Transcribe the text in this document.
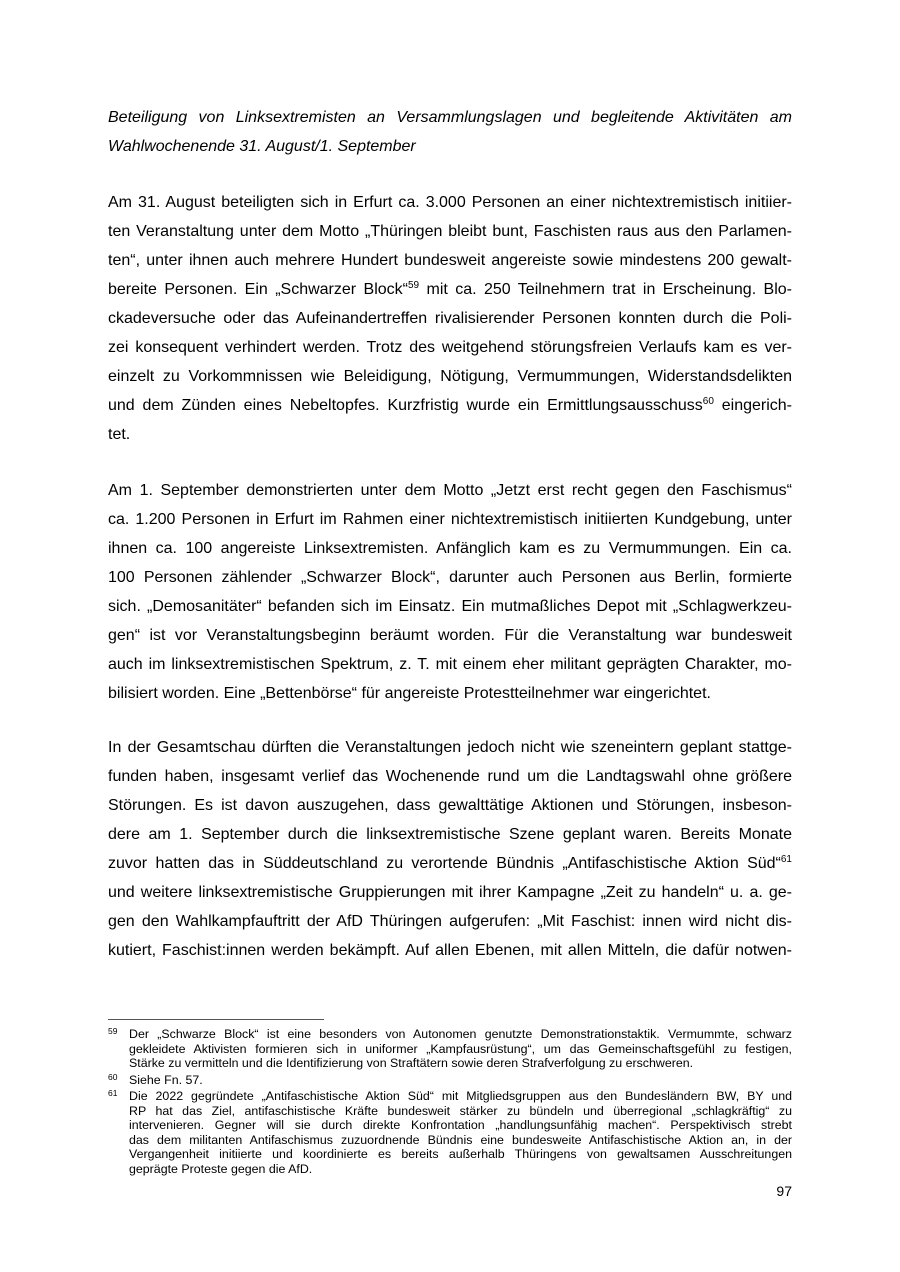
Beteiligung von Linksextremisten an Versammlungslagen und begleitende Aktivitäten am
Wahlwochenende 31. August/1. September

Am 31. August beteiligten sich in Erfurt ca. 3.000 Personen an einer nichtextremistisch initiier-
ten Veranstaltung unter dem Motto „Thüringen bleibt bunt, Faschisten raus aus den Parlamen-
ten“, unter ihnen auch mehrere Hundert bundesweit angereiste sowie mindestens 200 gewalt-
bereite Personen. Ein „Schwarzer Block“$^{59}$ mit ca. 250 Teilnehmern trat in Erscheinung. Blo-
ckadeversuche oder das Aufeinandertreffen rivalisierender Personen konnten durch die Poli-
zei konsequent verhindert werden. Trotz des weitgehend störungsfreien Verlaufs kam es ver-
einzelt zu Vorkommnissen wie Beleidigung, Nötigung, Vermummungen, Widerstandsdelikten
und dem Zünden eines Nebeltopfes. Kurzfristig wurde ein Ermittlungsausschuss$^{60}$ eingerich-
tet.
Am 1. September demonstrierten unter dem Motto „Jetzt erst recht gegen den Faschismus“
ca. 1.200 Personen in Erfurt im Rahmen einer nichtextremistisch initiierten Kundgebung, unter
ihnen ca. 100 angereiste Linksextremisten. Anfänglich kam es zu Vermummungen. Ein ca.
100 Personen zählender „Schwarzer Block“, darunter auch Personen aus Berlin, formierte
sich. „Demosanitäter“ befanden sich im Einsatz. Ein mutmaßliches Depot mit „Schlagwerkzeu-
gen“ ist vor Veranstaltungsbeginn beräumt worden. Für die Veranstaltung war bundesweit
auch im linksextremistischen Spektrum, z. T. mit einem eher militant geprägten Charakter, mo-
bilisiert worden. Eine „Bettenbörse“ für angereiste Protestteilnehmer war eingerichtet.
In der Gesamtschau dürften die Veranstaltungen jedoch nicht wie szeneintern geplant stattge-
funden haben, insgesamt verlief das Wochenende rund um die Landtagswahl ohne größere
Störungen. Es ist davon auszugehen, dass gewalttätige Aktionen und Störungen, insbeson-
dere am 1. September durch die linksextremistische Szene geplant waren. Bereits Monate
zuvor hatten das in Süddeutschland zu verortende Bündnis „Antifaschistische Aktion Süd“$^{61}$
und weitere linksextremistische Gruppierungen mit ihrer Kampagne „Zeit zu handeln“ u. a. ge-
gen den Wahlkampfauftritt der AfD Thüringen aufgerufen: „Mit Faschist: innen wird nicht dis-
kutiert, Faschist:innen werden bekämpft. Auf allen Ebenen, mit allen Mitteln, die dafür notwen-
59 Der „Schwarze Block“ ist eine besonders von Autonomen genutzte Demonstrationstaktik. Vermummte, schwarz
gekleidete Aktivisten formieren sich in uniformer „Kampfausrüstung“, um das Gemeinschaftsgefühl zu festigen,
Stärke zu vermitteln und die Identifizierung von Straftätern sowie deren Strafverfolgung zu erschweren.
60 Siehe Fn. 57.
61 Die 2022 gegründete „Antifaschistische Aktion Süd“ mit Mitgliedsgruppen aus den Bundesländern BW, BY und
RP hat das Ziel, antifaschistische Kräfte bundesweit stärker zu bündeln und überregional „schlagkräftig“ zu
intervenieren. Gegner will sie durch direkte Konfrontation „handlungsunfähig machen“. Perspektivisch strebt
das dem militanten Antifaschismus zuzuordnende Bündnis eine bundesweite Antifaschistische Aktion an, in der
Vergangenheit initiierte und koordinierte es bereits außerhalb Thüringens von gewaltsamen Ausschreitungen
geprägte Proteste gegen die AfD.
97
